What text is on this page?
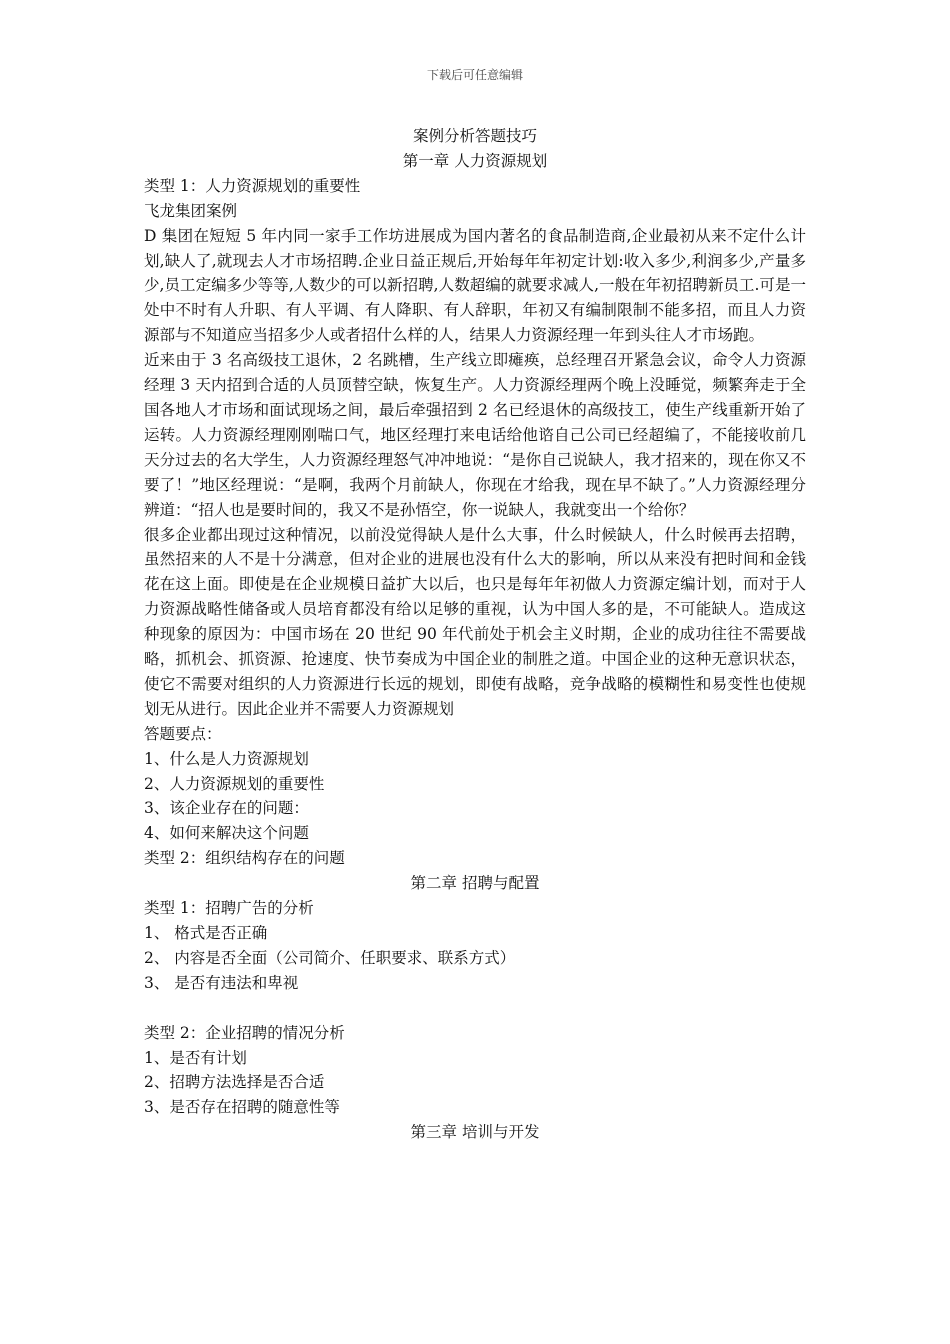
下载后可任意编辑

案例分析答题技巧

第一章 人力资源规划

类型 1：人力资源规划的重要性

飞龙集团案例

D 集团在短短 5 年内同一家手工作坊进展成为国内著名的食品制造商,企业最初从来不定什么计划,缺人了,就现去人才市场招聘.企业日益正规后,开始每年年初定计划:收入多少,利润多少,产量多少,员工定编多少等等,人数少的可以新招聘,人数超编的就要求减人,一般在年初招聘新员工.可是一处中不时有人升职、有人平调、有人降职、有人辞职，年初又有编制限制不能多招，而且人力资源部与不知道应当招多少人或者招什么样的人，结果人力资源经理一年到头往人才市场跑。

近来由于 3 名高级技工退休，2 名跳槽，生产线立即瘫痪，总经理召开紧急会议，命令人力资源经理 3 天内招到合适的人员顶替空缺，恢复生产。人力资源经理两个晚上没睡觉，频繁奔走于全国各地人才市场和面试现场之间，最后牵强招到 2 名已经退休的高级技工，使生产线重新开始了运转。人力资源经理刚刚喘口气，地区经理打来电话给他谘自己公司已经超编了，不能接收前几天分过去的名大学生，人力资源经理怒气冲冲地说：“是你自己说缺人，我才招来的，现在你又不要了！”地区经理说：“是啊，我两个月前缺人，你现在才给我，现在早不缺了。”人力资源经理分辨道：“招人也是要时间的，我又不是孙悟空，你一说缺人，我就变出一个给你？

很多企业都出现过这种情况，以前没觉得缺人是什么大事，什么时候缺人，什么时候再去招聘，虽然招来的人不是十分满意，但对企业的进展也没有什么大的影响，所以从来没有把时间和金钱花在这上面。即使是在企业规模日益扩大以后，也只是每年年初做人力资源定编计划，而对于人力资源战略性储备或人员培育都没有给以足够的重视，认为中国人多的是，不可能缺人。造成这种现象的原因为：中国市场在 20 世纪 90 年代前处于机会主义时期，企业的成功往往不需要战略，抓机会、抓资源、抢速度、快节奏成为中国企业的制胜之道。中国企业的这种无意识状态，使它不需要对组织的人力资源进行长远的规划，即使有战略，竞争战略的模糊性和易变性也使规划无从进行。因此企业并不需要人力资源规划

答题要点：

1、什么是人力资源规划

2、人力资源规划的重要性

3、该企业存在的问题：

4、如何来解决这个问题

类型 2：组织结构存在的问题

第二章 招聘与配置

类型 1：招聘广告的分析

1、 格式是否正确

2、 内容是否全面（公司简介、任职要求、联系方式）

3、 是否有违法和卑视

类型 2：企业招聘的情况分析

1、是否有计划

2、招聘方法选择是否合适

3、是否存在招聘的随意性等

第三章 培训与开发
